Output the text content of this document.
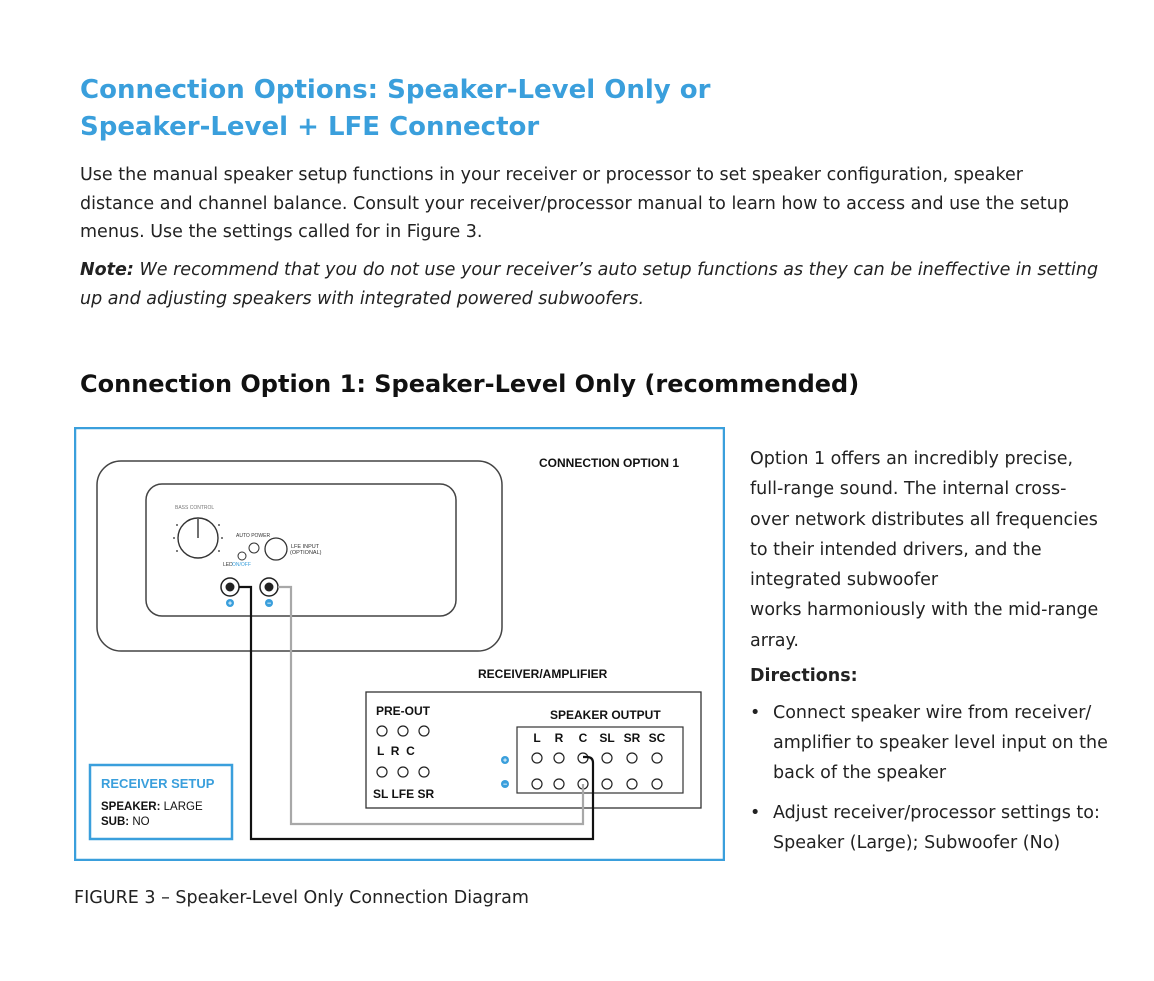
Connection Options: Speaker-Level Only or
Speaker-Level + LFE Connector

Use the manual speaker setup functions in your receiver or processor to set speaker configuration, speaker distance and channel balance. Consult your receiver/processor manual to learn how to access and use the setup menus. Use the settings called for in Figure 3.

Note: We recommend that you do not use your receiver’s auto setup functions as they can be ineffective in setting up and adjusting speakers with integrated powered subwoofers.

Connection Option 1: Speaker-Level Only (recommended)
CONNECTION OPTION 1
BASS CONTROL
AUTO POWER
LED ON/OFF
LFE INPUT
(OPTIONAL)
+	−
RECEIVER/AMPLIFIER
PRE-OUT
L  R  C
SL LFE SR
SPEAKER OUTPUT
L R C SL SR SC
+
−
RECEIVER SETUP
SPEAKER: LARGE
SUB: NO

Option 1 offers an incredibly precise,
full-range sound. The internal cross-
over network distributes all frequencies
to their intended drivers, and the
integrated subwoofer
works harmoniously with the mid-range
array.

Directions:

• Connect speaker wire from receiver/ amplifier to speaker level input on the back of the speaker
• Adjust receiver/processor settings to: Speaker (Large); Subwoofer (No)

FIGURE 3 – Speaker-Level Only Connection Diagram
